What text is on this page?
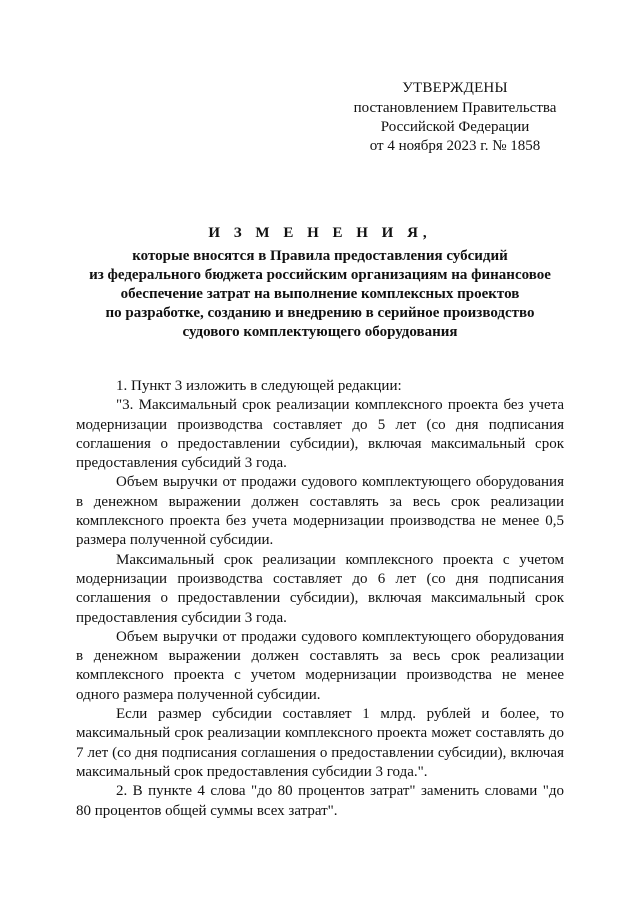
УТВЕРЖДЕНЫ
постановлением Правительства
Российской Федерации
от 4 ноября 2023 г. № 1858
И З М Е Н Е Н И Я,
которые вносятся в Правила предоставления субсидий
из федерального бюджета российским организациям на финансовое
обеспечение затрат на выполнение комплексных проектов
по разработке, созданию и внедрению в серийное производство
судового комплектующего оборудования

1. Пункт 3 изложить в следующей редакции:

"3. Максимальный срок реализации комплексного проекта без учета модернизации производства составляет до 5 лет (со дня подписания соглашения о предоставлении субсидии), включая максимальный срок предоставления субсидий 3 года.

Объем выручки от продажи судового комплектующего оборудования в денежном выражении должен составлять за весь срок реализации комплексного проекта без учета модернизации производства не менее 0,5 размера полученной субсидии.

Максимальный срок реализации комплексного проекта с учетом модернизации производства составляет до 6 лет (со дня подписания соглашения о предоставлении субсидии), включая максимальный срок предоставления субсидии 3 года.

Объем выручки от продажи судового комплектующего оборудования в денежном выражении должен составлять за весь срок реализации комплексного проекта с учетом модернизации производства не менее одного размера полученной субсидии.

Если размер субсидии составляет 1 млрд. рублей и более, то максимальный срок реализации комплексного проекта может составлять до 7 лет (со дня подписания соглашения о предоставлении субсидии), включая максимальный срок предоставления субсидии 3 года.".

2. В пункте 4 слова "до 80 процентов затрат" заменить словами "до 80 процентов общей суммы всех затрат".
